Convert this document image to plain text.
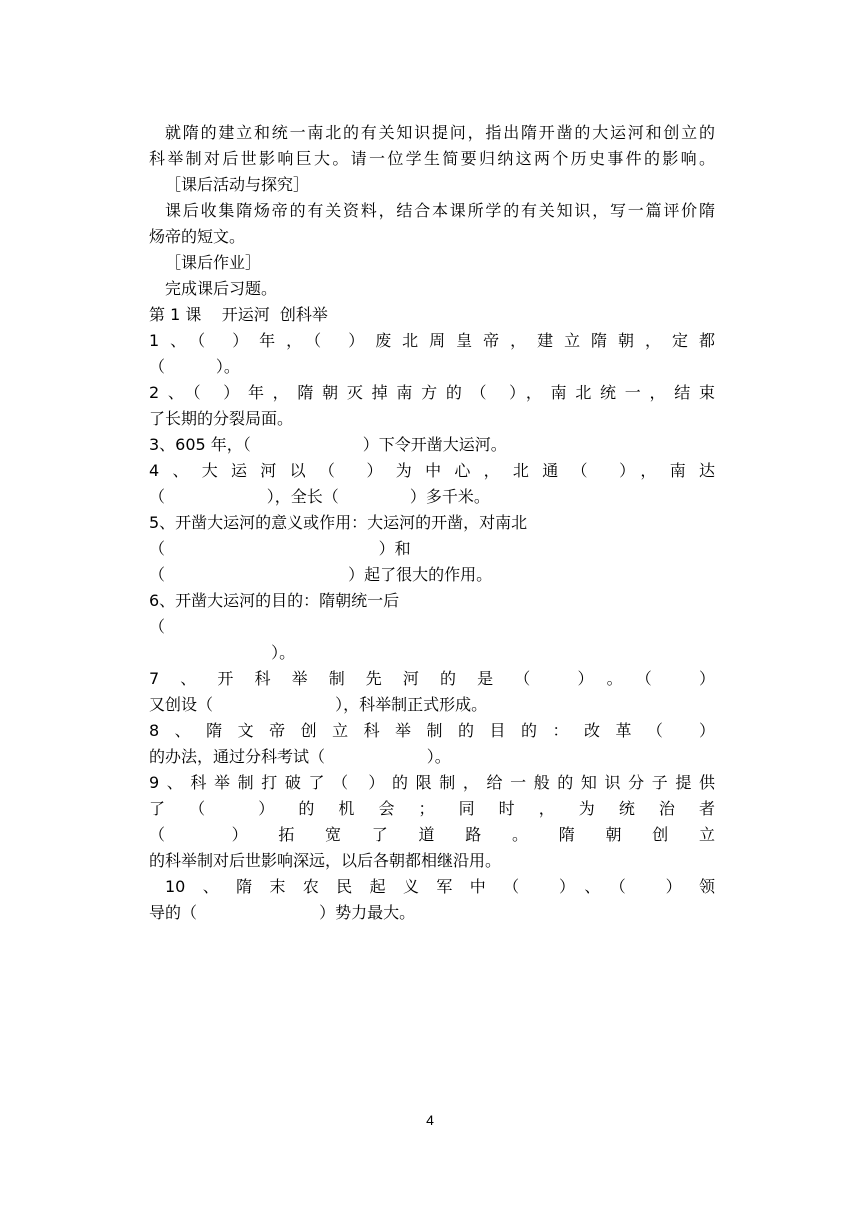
就隋的建立和统一南北的有关知识提问，指出隋开凿的大运河和创立的
科举制对后世影响巨大。请一位学生简要归纳这两个历史事件的影响。
［课后活动与探究］
课后收集隋炀帝的有关资料，结合本课所学的有关知识，写一篇评价隋
炀帝的短文。
［课后作业］
完成课后习题。
第 1 课    开运河  创科举
1、（ ）年，（ ）废北周皇帝，建立隋朝，定都
（          ）。
2、（ ）年，隋朝灭掉南方的（ ），南北统一，结束
了长期的分裂局面。
3、605 年，（                      ）下令开凿大运河。
4、大运河以（ ）为中心，北通（ ），南达
（                    ），全长（              ）多千米。
5、开凿大运河的意义或作用：大运河的开凿，对南北
（                                          ）和
（                                    ）起了很大的作用。
6、开凿大运河的目的：隋朝统一后
（
）。
7、开科举制先河的是（ ）。（ ）
又创设（                        ），科举制正式形成。
8、隋文帝创立科举制的目的：改革（ ）
的办法，通过分科考试（                    ）。
9、科举制打破了（ ）的限制，给一般的知识分子提供
了（ ）的机会；同时，为统治者
（ ）拓宽了道路。隋朝创立
的科举制对后世影响深远，以后各朝都相继沿用。
10、隋末农民起义军中（ ）、（ ）领
导的（                        ）势力最大。
4
